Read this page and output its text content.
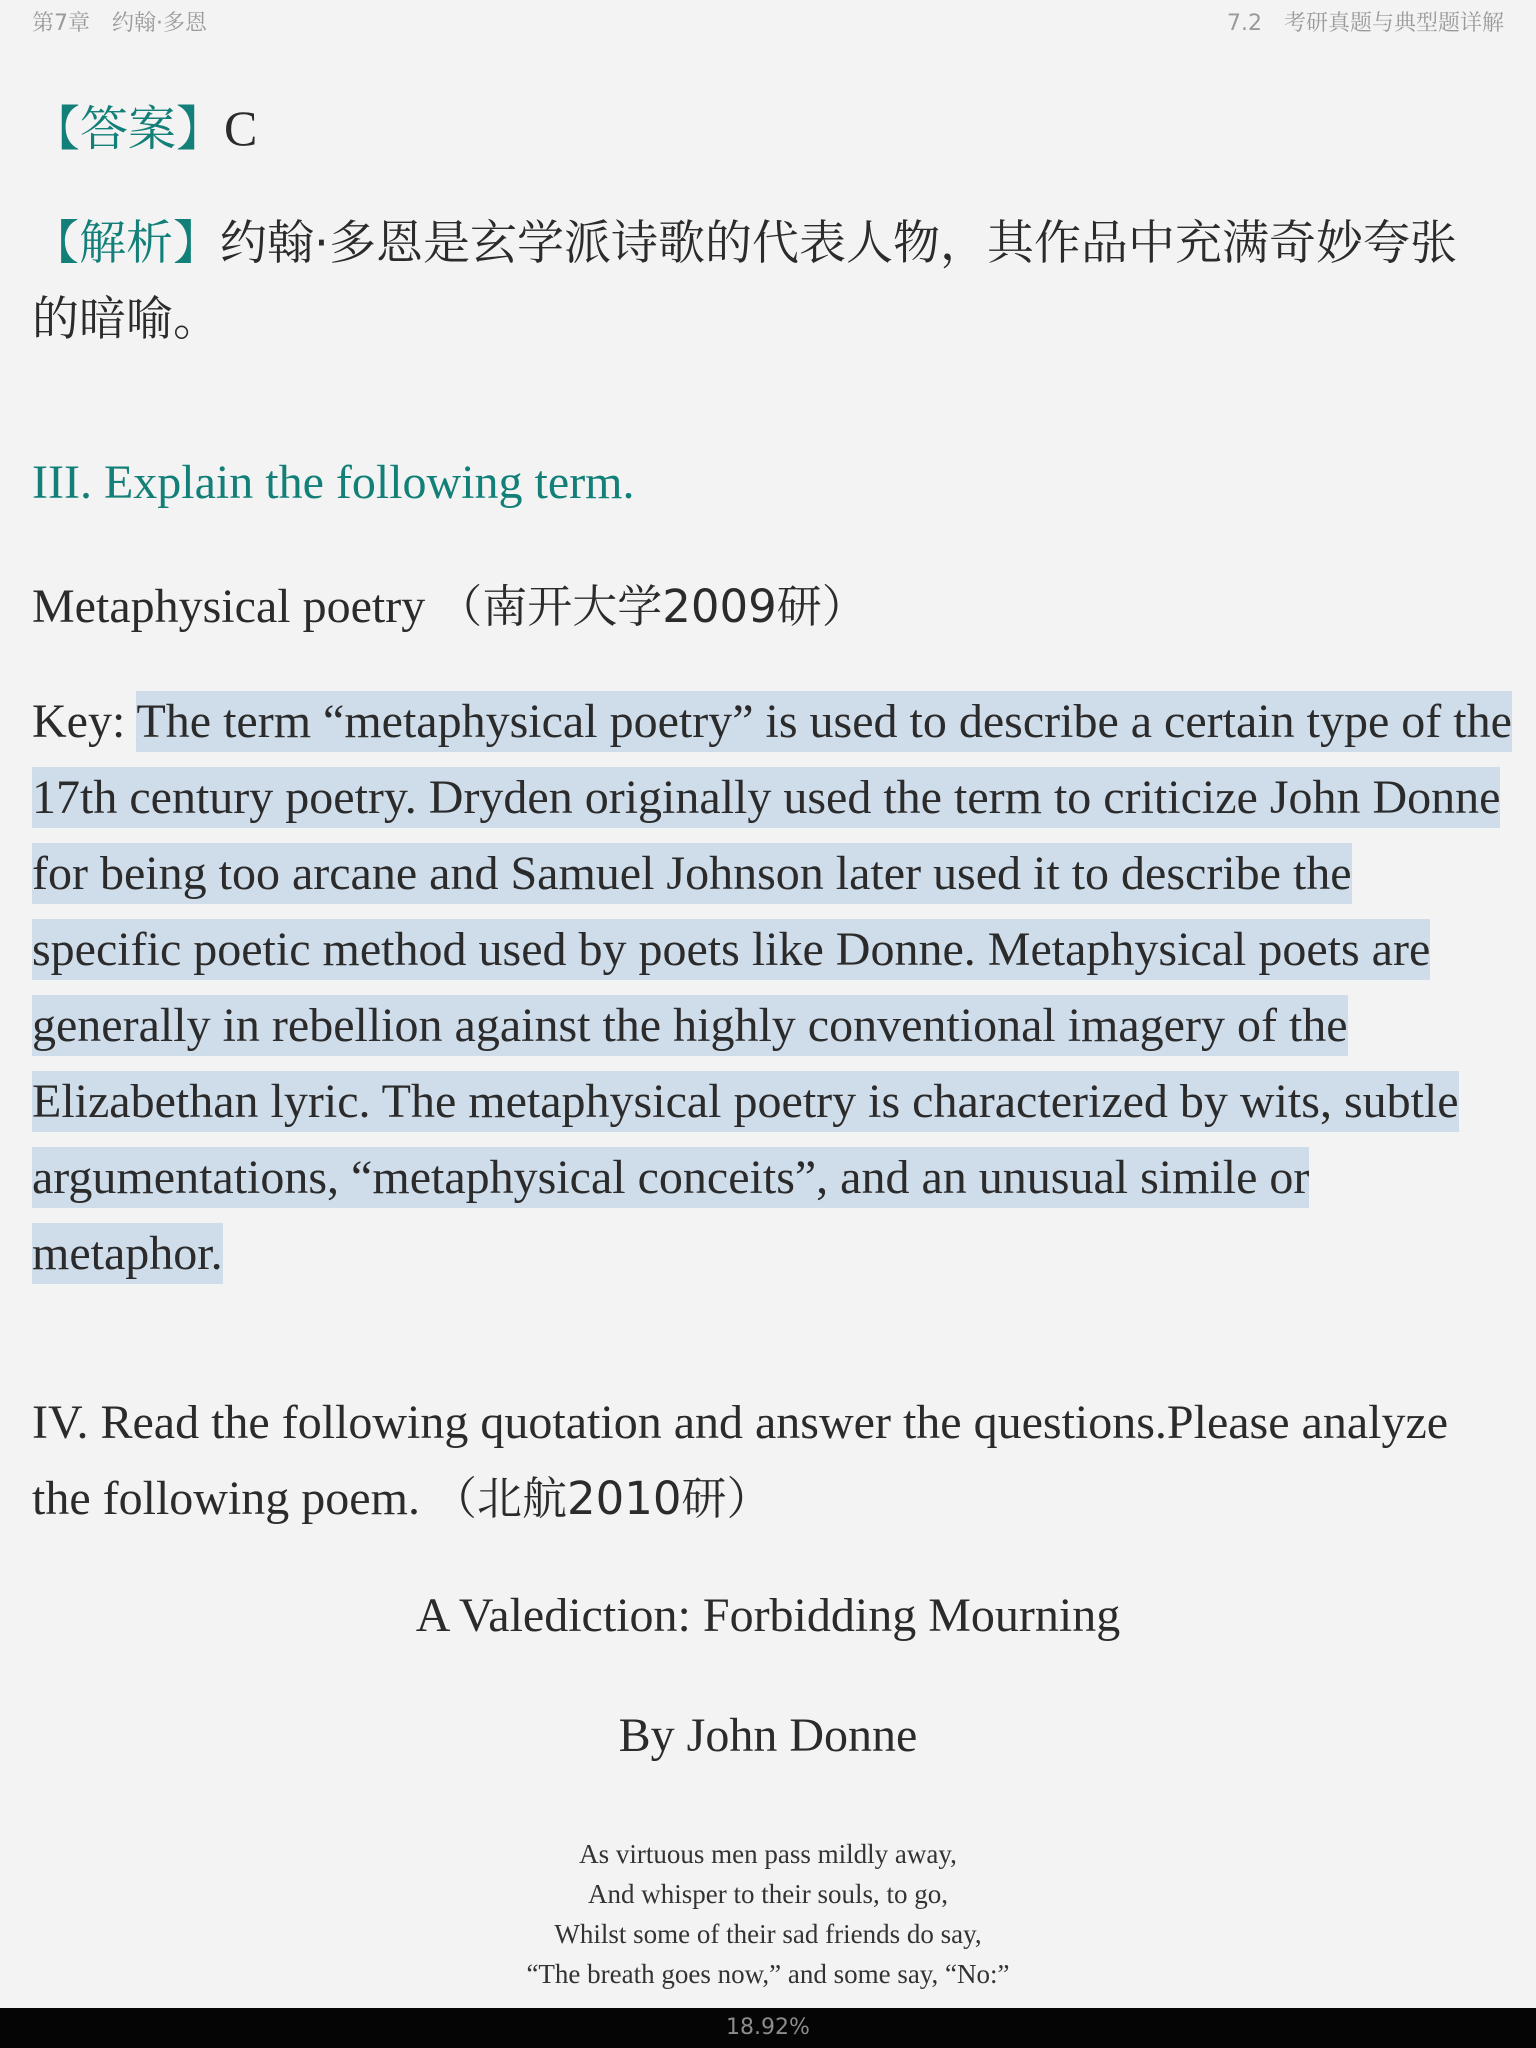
第7章　约翰·多恩	7.2　考研真题与典型题详解
【答案】C
【解析】约翰·多恩是玄学派诗歌的代表人物，其作品中充满奇妙夸张的暗喻。
III. Explain the following term.
Metaphysical poetry （南开大学2009研）
Key: The term “metaphysical poetry” is used to describe a certain type of the 17th century poetry. Dryden originally used the term to criticize John Donne for being too arcane and Samuel Johnson later used it to describe the specific poetic method used by poets like Donne. Metaphysical poets are generally in rebellion against the highly conventional imagery of the Elizabethan lyric. The metaphysical poetry is characterized by wits, subtle argumentations, “metaphysical conceits”, and an unusual simile or metaphor.
IV. Read the following quotation and answer the questions.Please analyze the following poem. （北航2010研）
A Valediction: Forbidding Mourning
By John Donne
As virtuous men pass mildly away,
And whisper to their souls, to go,
Whilst some of their sad friends do say,
“The breath goes now,” and some say, “No:”
18.92%
